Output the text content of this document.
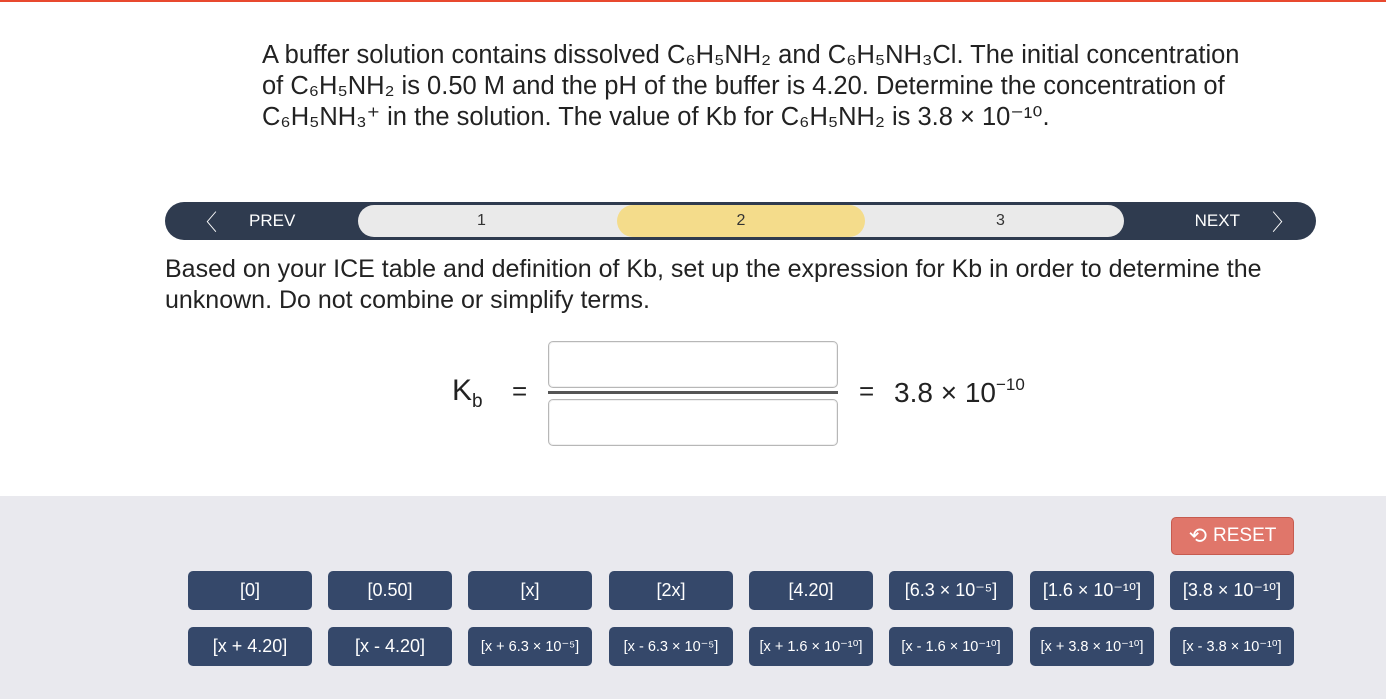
A buffer solution contains dissolved C₆H₅NH₂ and C₆H₅NH₃Cl. The initial concentration of C₆H₅NH₂ is 0.50 M and the pH of the buffer is 4.20. Determine the concentration of C₆H₅NH₃⁺ in the solution. The value of Kb for C₆H₅NH₂ is 3.8 × 10⁻¹⁰.
〈 PREV	1	2	3	NEXT 〉
Based on your ICE table and definition of Kb, set up the expression for Kb in order to determine the unknown. Do not combine or simplify terms.
$K_b$ =	= $3.8 \times 10^{-10}$
⟲ RESET
[0]	[0.50]	[x]	[2x]	[4.20]	[6.3 × 10⁻⁵]	[1.6 × 10⁻¹⁰]	[3.8 × 10⁻¹⁰]
[x + 4.20]	[x - 4.20]	[x + 6.3 × 10⁻⁵]	[x - 6.3 × 10⁻⁵]	[x + 1.6 × 10⁻¹⁰]	[x - 1.6 × 10⁻¹⁰]	[x + 3.8 × 10⁻¹⁰]	[x - 3.8 × 10⁻¹⁰]
